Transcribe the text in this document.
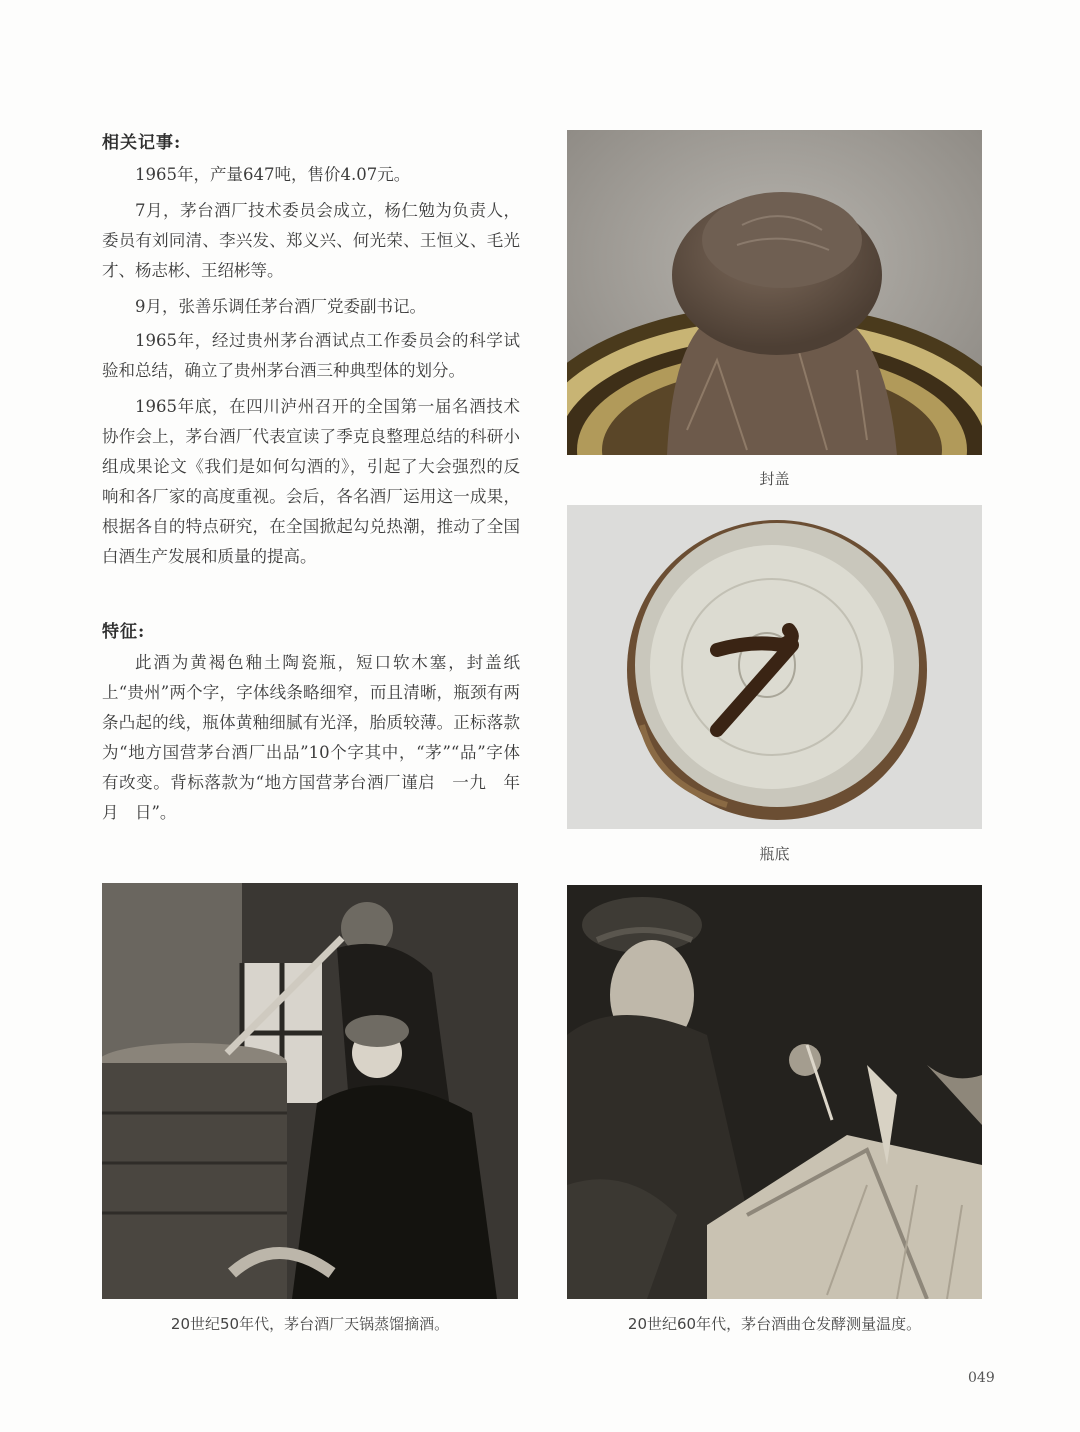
相关记事:

1965年，产量647吨，售价4.07元。

7月，茅台酒厂技术委员会成立，杨仁勉为负责人，委员有刘同清、李兴发、郑义兴、何光荣、王恒义、毛光才、杨志彬、王绍彬等。

9月，张善乐调任茅台酒厂党委副书记。

1965年，经过贵州茅台酒试点工作委员会的科学试验和总结，确立了贵州茅台酒三种典型体的划分。

1965年底，在四川泸州召开的全国第一届名酒技术协作会上，茅台酒厂代表宣读了季克良整理总结的科研小组成果论文《我们是如何勾酒的》，引起了大会强烈的反响和各厂家的高度重视。会后，各名酒厂运用这一成果，根据各自的特点研究，在全国掀起勾兑热潮，推动了全国白酒生产发展和质量的提高。

特征:

此酒为黄褐色釉土陶瓷瓶，短口软木塞，封盖纸上“贵州”两个字，字体线条略细窄，而且清晰，瓶颈有两条凸起的线，瓶体黄釉细腻有光泽，胎质较薄。正标落款为“地方国营茅台酒厂出品”10个字其中，“茅”“品”字体有改变。背标落款为“地方国营茅台酒厂谨启　一九　年　月　日”。

封盖
瓶底
20世纪50年代，茅台酒厂天锅蒸馏摘酒。	20世纪60年代，茅台酒曲仓发酵测量温度。
049
